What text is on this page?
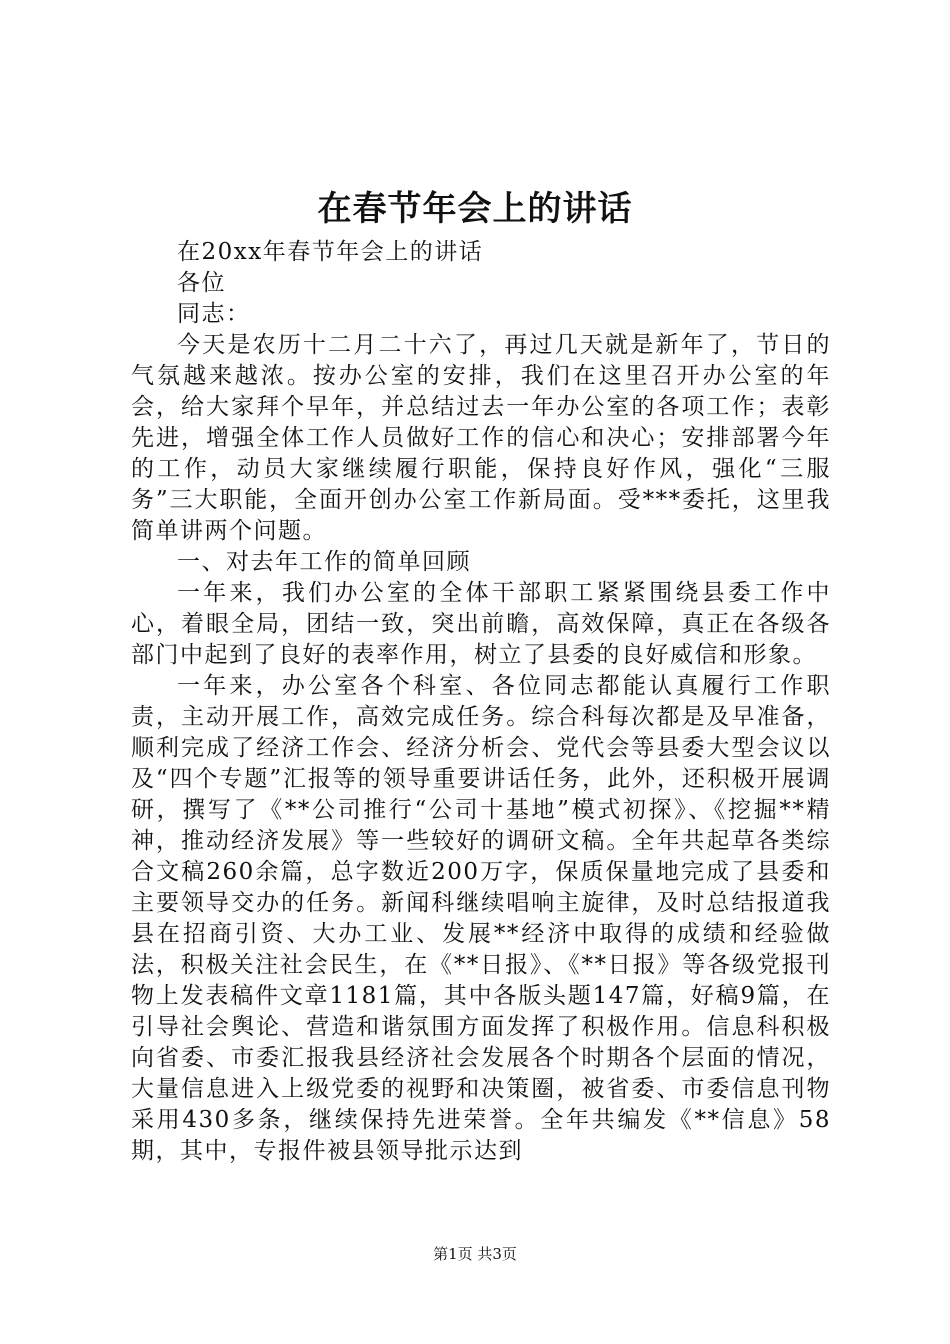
在春节年会上的讲话

在20xx年春节年会上的讲话

各位

同志：

今天是农历十二月二十六了，再过几天就是新年了，节日的气氛越来越浓。按办公室的安排，我们在这里召开办公室的年会，给大家拜个早年，并总结过去一年办公室的各项工作；表彰先进，增强全体工作人员做好工作的信心和决心；安排部署今年的工作，动员大家继续履行职能，保持良好作风，强化“三服务”三大职能，全面开创办公室工作新局面。受***委托，这里我简单讲两个问题。

一、对去年工作的简单回顾

一年来，我们办公室的全体干部职工紧紧围绕县委工作中心，着眼全局，团结一致，突出前瞻，高效保障，真正在各级各部门中起到了良好的表率作用，树立了县委的良好威信和形象。

一年来，办公室各个科室、各位同志都能认真履行工作职责，主动开展工作，高效完成任务。综合科每次都是及早准备，顺利完成了经济工作会、经济分析会、党代会等县委大型会议以及“四个专题”汇报等的领导重要讲话任务，此外，还积极开展调研，撰写了《**公司推行“公司十基地”模式初探》、《挖掘**精神，推动经济发展》等一些较好的调研文稿。全年共起草各类综合文稿260余篇，总字数近200万字，保质保量地完成了县委和主要领导交办的任务。新闻科继续唱响主旋律，及时总结报道我县在招商引资、大办工业、发展**经济中取得的成绩和经验做法，积极关注社会民生，在《**日报》、《**日报》等各级党报刊物上发表稿件文章1181篇，其中各版头题147篇，好稿9篇，在引导社会舆论、营造和谐氛围方面发挥了积极作用。信息科积极向省委、市委汇报我县经济社会发展各个时期各个层面的情况，大量信息进入上级党委的视野和决策圈，被省委、市委信息刊物采用430多条，继续保持先进荣誉。全年共编发《**信息》58期，其中，专报件被县领导批示达到

第1页 共3页
